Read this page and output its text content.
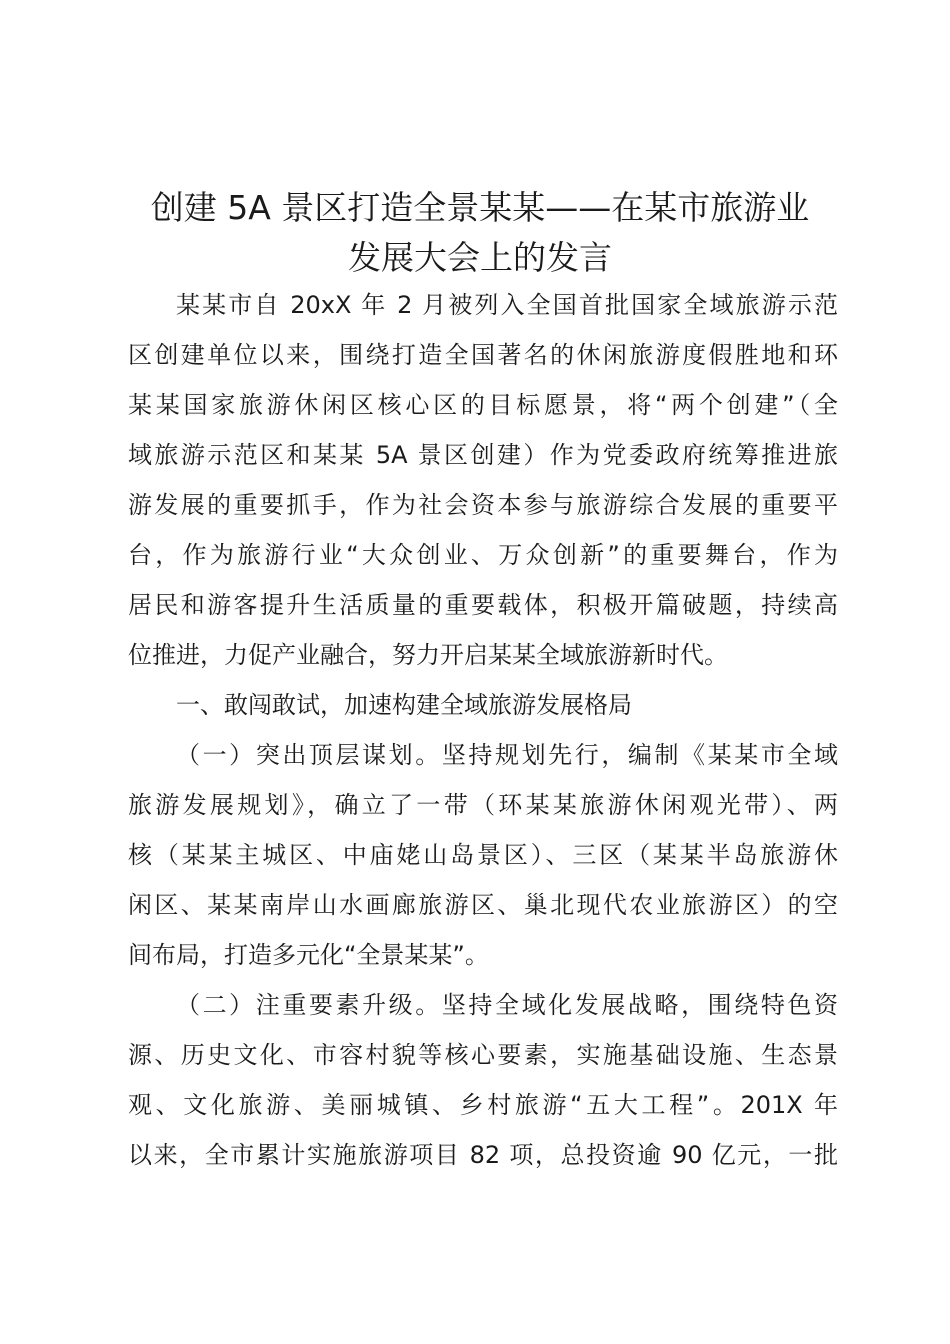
创建 5A 景区打造全景某某——在某市旅游业
发展大会上的发言
某某市自 20xX 年 2 月被列入全国首批国家全域旅游示范
区创建单位以来，围绕打造全国著名的休闲旅游度假胜地和环
某某国家旅游休闲区核心区的目标愿景，将“两个创建”（全
域旅游示范区和某某 5A 景区创建）作为党委政府统筹推进旅
游发展的重要抓手，作为社会资本参与旅游综合发展的重要平
台，作为旅游行业“大众创业、万众创新”的重要舞台，作为
居民和游客提升生活质量的重要载体，积极开篇破题，持续高
位推进，力促产业融合，努力开启某某全域旅游新时代。
一、敢闯敢试，加速构建全域旅游发展格局
（一）突出顶层谋划。坚持规划先行，编制《某某市全域
旅游发展规划》，确立了一带（环某某旅游休闲观光带）、两
核（某某主城区、中庙姥山岛景区）、三区（某某半岛旅游休
闲区、某某南岸山水画廊旅游区、巢北现代农业旅游区）的空
间布局，打造多元化“全景某某”。
（二）注重要素升级。坚持全域化发展战略，围绕特色资
源、历史文化、市容村貌等核心要素，实施基础设施、生态景
观、文化旅游、美丽城镇、乡村旅游“五大工程”。201X 年
以来，全市累计实施旅游项目 82 项，总投资逾 90 亿元，一批
